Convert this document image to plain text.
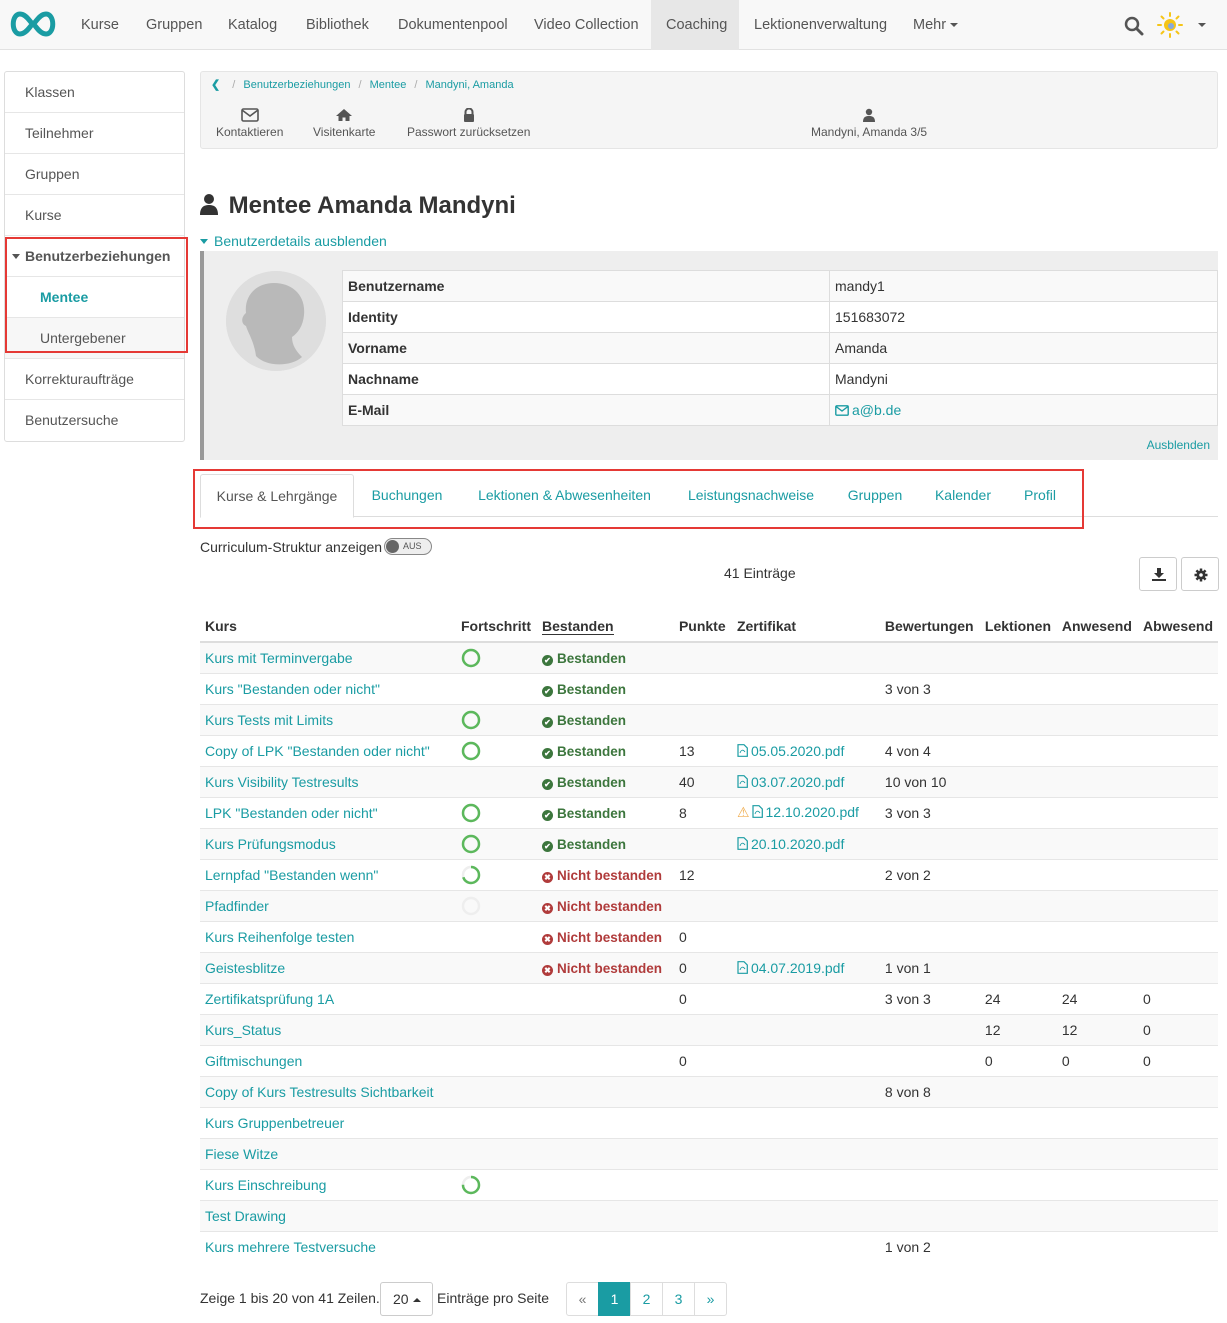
Kurse	Gruppen	Katalog	Bibliothek	Dokumentenpool	Video Collection	Coaching	Lektionenverwaltung	Mehr
Klassen
Teilnehmer
Gruppen
Kurse
Benutzerbeziehungen
Mentee
Untergebener
Korrekturaufträge
Benutzersuche
❮ / Benutzerbeziehungen / Mentee / Mandyni, Amanda
Kontaktieren Visitenkarte	Passwort zurücksetzen	Mandyni, Amanda 3/5
Mentee Amanda Mandyni
Benutzerdetails ausblenden
Benutzername	mandy1
Identity	151683072
Vorname	Amanda
Nachname	Mandyni
E-Mail	a@b.de
Ausblenden
Kurse & Lehrgänge	Buchungen	Lektionen & Abwesenheiten	Leistungsnachweise	Gruppen	Kalender	Profil
Curriculum-Struktur anzeigen AUS
41 Einträge
Kurs	Fortschritt	Bestanden	Punkte	Zertifikat	Bewertungen	Lektionen	Anwesend	Abwesend
Kurs mit Terminvergabe		✔ Bestanden						
Kurs "Bestanden oder nicht"		✔ Bestanden			3 von 3			
Kurs Tests mit Limits		✔ Bestanden						
Copy of LPK "Bestanden oder nicht"		✔ Bestanden	13	05.05.2020.pdf	4 von 4			
Kurs Visibility Testresults		✔ Bestanden	40	03.07.2020.pdf	10 von 10			
LPK "Bestanden oder nicht"		✔ Bestanden	8	⚠ 12.10.2020.pdf	3 von 3			
Kurs Prüfungsmodus		✔ Bestanden		20.10.2020.pdf				
Lernpfad "Bestanden wenn"		✖ Nicht bestanden	12		2 von 2			
Pfadfinder		✖ Nicht bestanden						
Kurs Reihenfolge testen		✖ Nicht bestanden	0					
Geistesblitze		✖ Nicht bestanden	0	04.07.2019.pdf	1 von 1			
Zertifikatsprüfung 1A			0		3 von 3	24	24	0
Kurs_Status						12	12	0
Giftmischungen			0			0	0	0
Copy of Kurs Testresults Sichtbarkeit					8 von 8			
Kurs Gruppenbetreuer								
Fiese Witze								
Kurs Einschreibung								
Test Drawing								
Kurs mehrere Testversuche					1 von 2			
Zeige 1 bis 20 von 41 Zeilen. 20	Einträge pro Seite	«	1	2	3	»
